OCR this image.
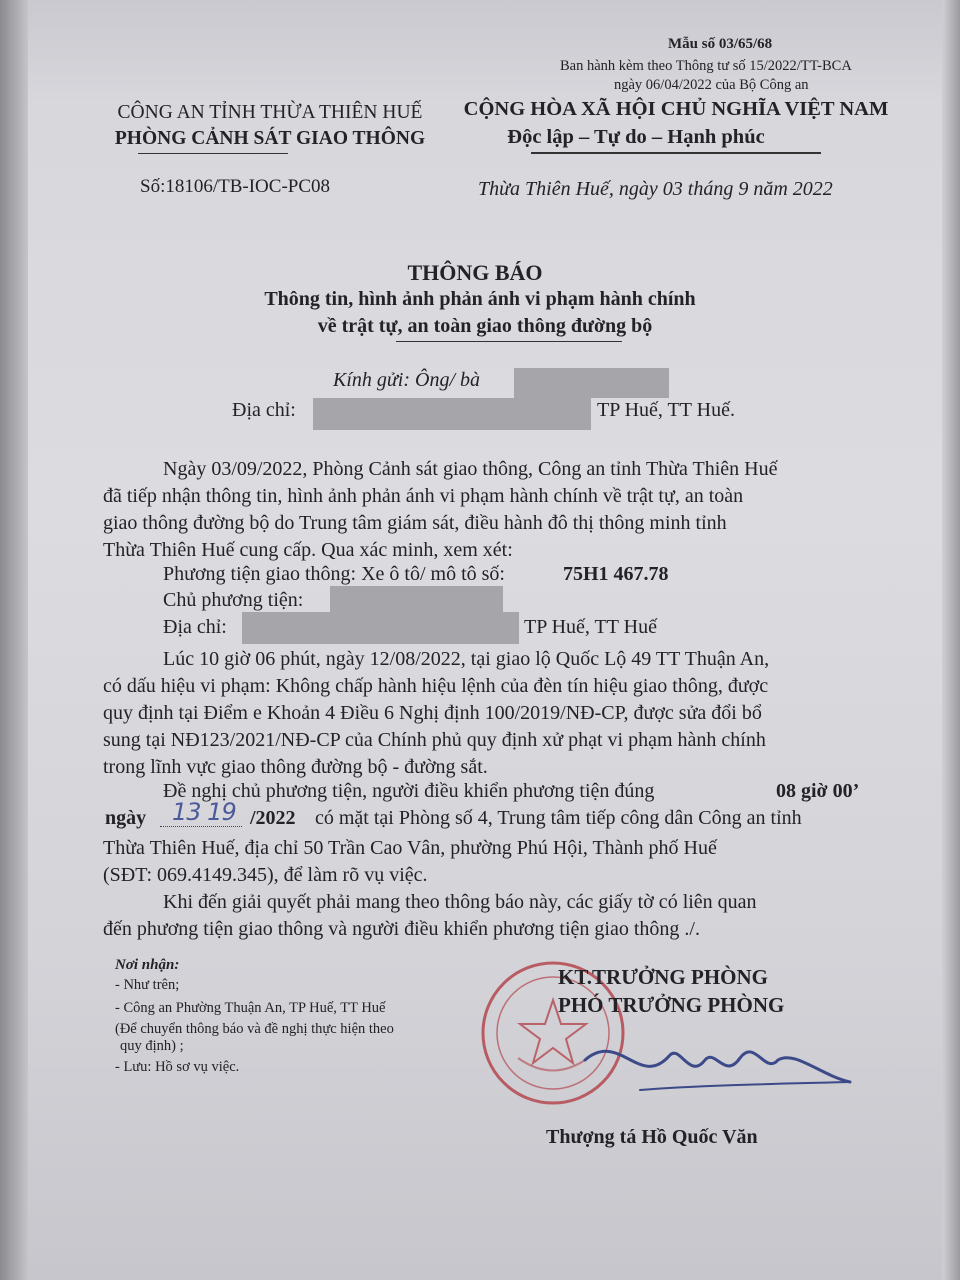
Mẫu số 03/65/68
Ban hành kèm theo Thông tư số 15/2022/TT-BCA
ngày 06/04/2022 của Bộ Công an
CÔNG AN TỈNH THỪA THIÊN HUẾ
PHÒNG CẢNH SÁT GIAO THÔNG
Số:18106/TB-IOC-PC08
CỘNG HÒA XÃ HỘI CHỦ NGHĨA VIỆT NAM
Độc lập – Tự do – Hạnh phúc
Thừa Thiên Huế, ngày 03 tháng 9 năm 2022
THÔNG BÁO
Thông tin, hình ảnh phản ánh vi phạm hành chính
về trật tự, an toàn giao thông đường bộ
Kính gửi: Ông/ bà
Địa chỉ:	TP Huế, TT Huế.
Ngày 03/09/2022, Phòng Cảnh sát giao thông, Công an tỉnh Thừa Thiên Huế
đã tiếp nhận thông tin, hình ảnh phản ánh vi phạm hành chính về trật tự, an toàn
giao thông đường bộ do Trung tâm giám sát, điều hành đô thị thông minh tỉnh
Thừa Thiên Huế cung cấp. Qua xác minh, xem xét:
Phương tiện giao thông: Xe ô tô/ mô tô số:	75H1 467.78
Chủ phương tiện:
Địa chỉ:	TP Huế, TT Huế
Lúc 10 giờ 06 phút, ngày 12/08/2022, tại giao lộ Quốc Lộ 49 TT Thuận An,
có dấu hiệu vi phạm: Không chấp hành hiệu lệnh của đèn tín hiệu giao thông, được
quy định tại Điểm e Khoản 4 Điều 6 Nghị định 100/2019/NĐ-CP, được sửa đổi bổ
sung tại NĐ123/2021/NĐ-CP của Chính phủ quy định xử phạt vi phạm hành chính
trong lĩnh vực giao thông đường bộ - đường sắt.
Đề nghị chủ phương tiện, người điều khiển phương tiện đúng	08 giờ 00’
ngày 13 19 /2022 có mặt tại Phòng số 4, Trung tâm tiếp công dân Công an tỉnh
Thừa Thiên Huế, địa chỉ 50 Trần Cao Vân, phường Phú Hội, Thành phố Huế
(SĐT: 069.4149.345), để làm rõ vụ việc.
Khi đến giải quyết phải mang theo thông báo này, các giấy tờ có liên quan
đến phương tiện giao thông và người điều khiển phương tiện giao thông ./.
Nơi nhận:
- Như trên;
- Công an Phường Thuận An, TP Huế, TT Huế
(Để chuyển thông báo và đề nghị thực hiện theo
quy định) ;
- Lưu: Hồ sơ vụ việc.
KT.TRƯỞNG PHÒNG
PHÓ TRƯỞNG PHÒNG
Thượng tá Hồ Quốc Văn
